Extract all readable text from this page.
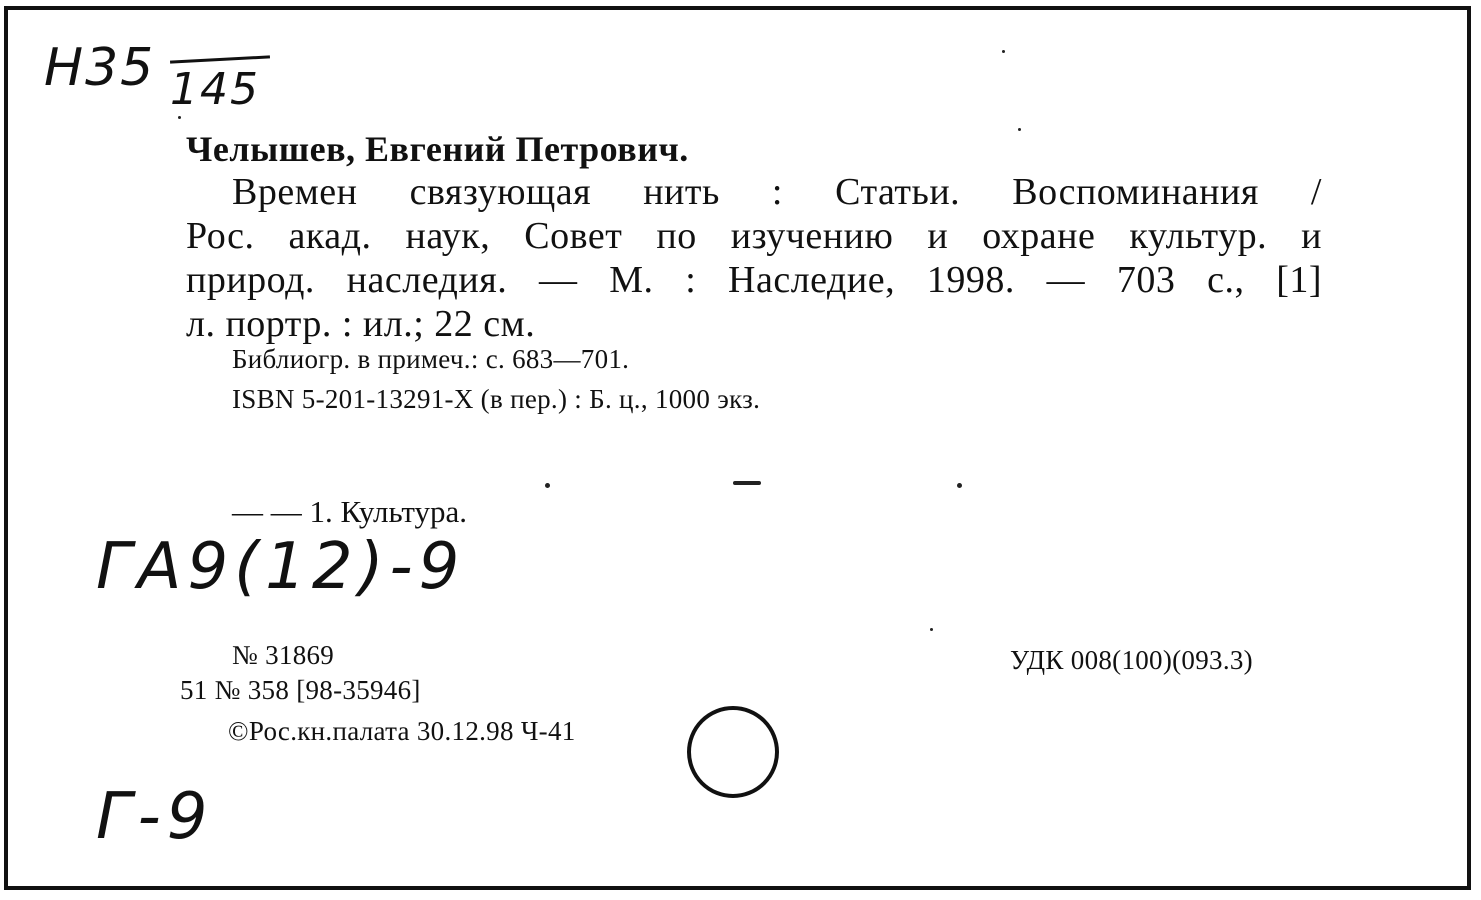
Н35 145
Челышев, Евгений Петрович.
Времен связующая нить : Статьи. Воспоминания /
Рос. акад. наук, Совет по изучению и охране культур. и
природ. наследия. — М. : Наследие, 1998. — 703 с., [1]
л. портр. : ил.; 22 см.
Библиогр. в примеч.: с. 683—701.
ISBN 5-201-13291-X (в пер.) : Б. ц., 1000 экз.
— — 1. Культура.
ГА9(12)-9
№ 31869
51 № 358 [98-35946]
©Рос.кн.палата 30.12.98 Ч-41
УДК 008(100)(093.3)
Г-9
